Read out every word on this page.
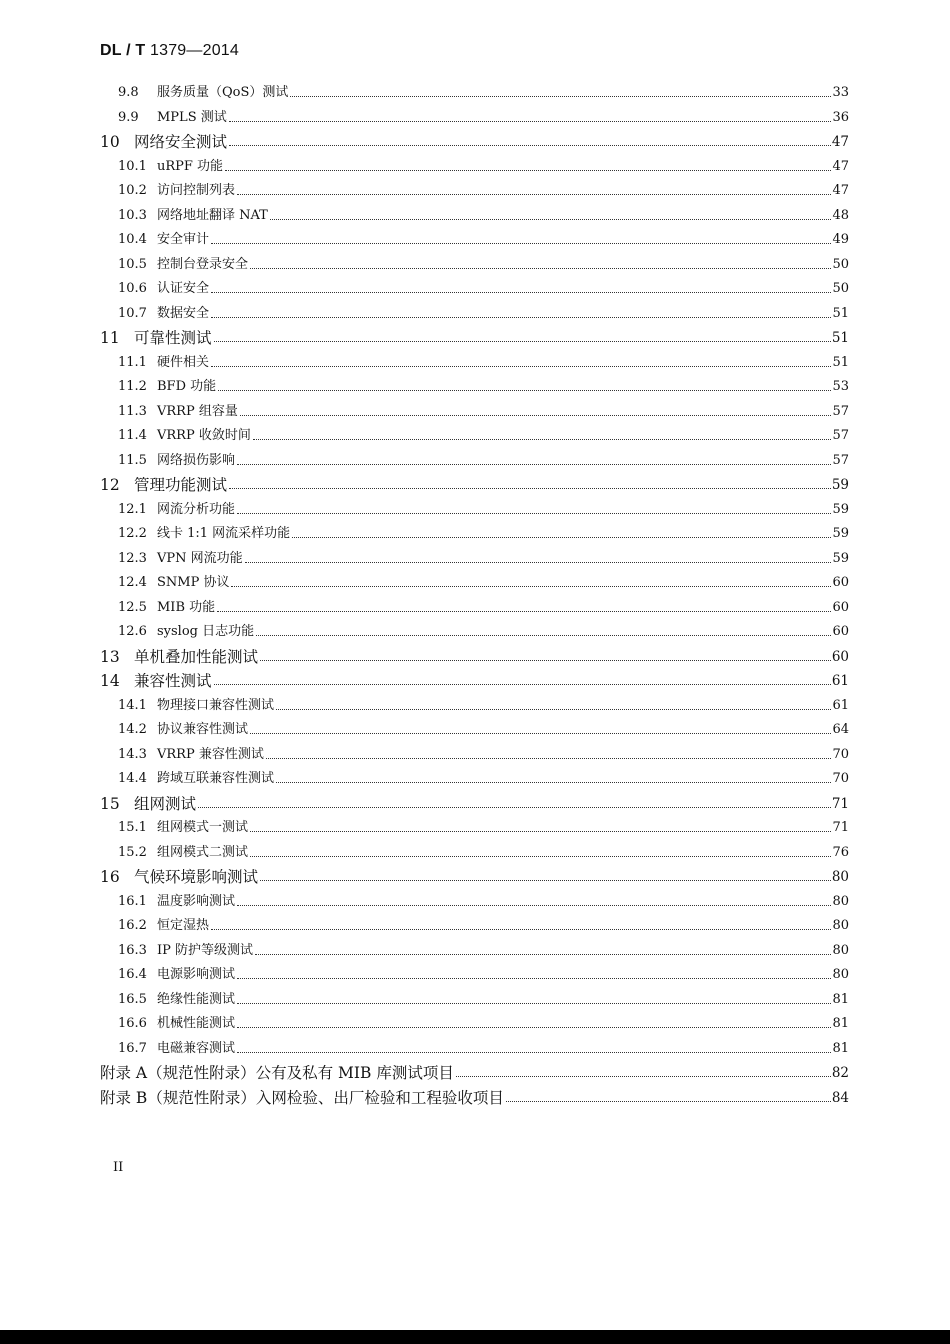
DL / T 1379—2014
9.8	服务质量（QoS）测试	33
9.9	MPLS 测试	36
10 网络安全测试	47
10.1 uRPF 功能	47
10.2 访问控制列表	47
10.3 网络地址翻译 NAT	48
10.4 安全审计	49
10.5 控制台登录安全	50
10.6 认证安全	50
10.7 数据安全	51
11 可靠性测试	51
11.1 硬件相关	51
11.2 BFD 功能	53
11.3 VRRP 组容量	57
11.4 VRRP 收敛时间	57
11.5 网络损伤影响	57
12 管理功能测试	59
12.1 网流分析功能	59
12.2 线卡 1:1 网流采样功能	59
12.3 VPN 网流功能	59
12.4 SNMP 协议	60
12.5 MIB 功能	60
12.6 syslog 日志功能	60
13 单机叠加性能测试	60
14 兼容性测试	61
14.1 物理接口兼容性测试	61
14.2 协议兼容性测试	64
14.3 VRRP 兼容性测试	70
14.4 跨域互联兼容性测试	70
15 组网测试	71
15.1 组网模式一测试	71
15.2 组网模式二测试	76
16 气候环境影响测试	80
16.1 温度影响测试	80
16.2 恒定湿热	80
16.3 IP 防护等级测试	80
16.4 电源影响测试	80
16.5 绝缘性能测试	81
16.6 机械性能测试	81
16.7 电磁兼容测试	81
附录 A（规范性附录）公有及私有 MIB 库测试项目	82
附录 B（规范性附录）入网检验、出厂检验和工程验收项目	84
II
